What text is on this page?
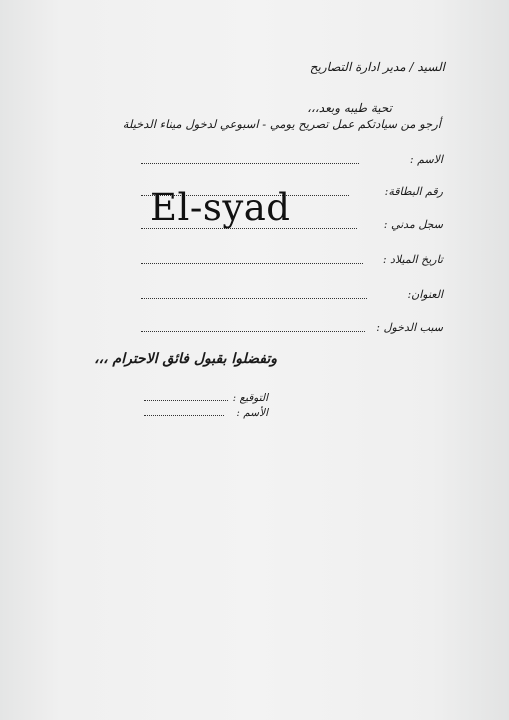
السيد / مدير ادارة التصاريح
تحية طيبه وبعد،،،
أرجو من سيادتكم عمل تصريح يومي - اسبوعي لدخول ميناء الدخيلة
الاسم :
رقم البطاقة:
سجل مدني :
تاريخ الميلاد :
العنوان:
سبب الدخول :
وتفضلوا بقبول فائق الاحترام ،،،
التوقيع :
الأسم :
El-syad
